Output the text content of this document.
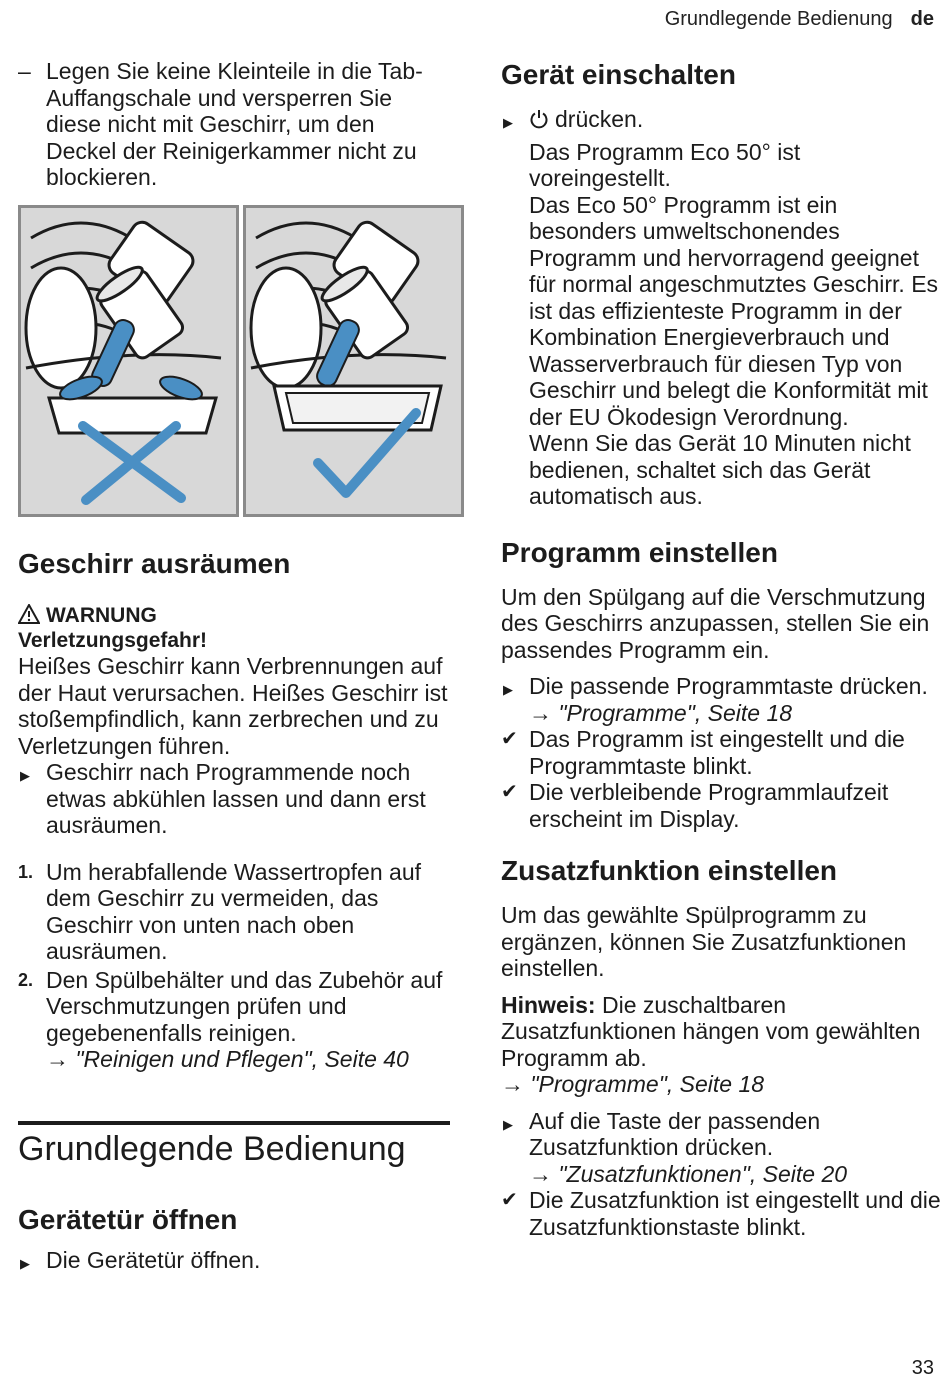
Grundlegende Bedienung de
– Legen Sie keine Kleinteile in die Tab-Auffangschale und versperren Sie diese nicht mit Geschirr, um den Deckel der Reinigerkammer nicht zu blockieren.

Geschirr ausräumen
WARNUNG

Verletzungsgefahr!

Heißes Geschirr kann Verbrennungen auf der Haut verursachen. Heißes Geschirr ist stoßempfindlich, kann zerbrechen und zu Verletzungen führen.

▶ Geschirr nach Programmende noch etwas abkühlen lassen und dann erst ausräumen.

1. Um herabfallende Wassertropfen auf dem Geschirr zu vermeiden, das Geschirr von unten nach oben ausräumen.

2. Den Spülbehälter und das Zubehör auf Verschmutzungen prüfen und gegebenenfalls reinigen.

→ "Reinigen und Pflegen", Seite 40

Grundlegende Bedienung
Gerätetür öffnen
▶ Die Gerätetür öffnen.

Gerät einschalten
▶	drücken.

Das Programm Eco 50° ist voreingestellt.

Das Eco 50° Programm ist ein besonders umweltschonendes Programm und hervorragend geeignet für normal angeschmutztes Geschirr. Es ist das effizienteste Programm in der Kombination Energieverbrauch und Wasserverbrauch für diesen Typ von Geschirr und belegt die Konformität mit der EU Ökodesign Verordnung.

Wenn Sie das Gerät 10 Minuten nicht bedienen, schaltet sich das Gerät automatisch aus.

Programm einstellen

Um den Spülgang auf die Verschmutzung des Geschirrs anzupassen, stellen Sie ein passendes Programm ein.

▶ Die passende Programmtaste drücken.

→ "Programme", Seite 18

✔ Das Programm ist eingestellt und die Programmtaste blinkt.

✔ Die verbleibende Programmlaufzeit erscheint im Display.

Zusatzfunktion einstellen

Um das gewählte Spülprogramm zu ergänzen, können Sie Zusatzfunktionen einstellen.

Hinweis: Die zuschaltbaren Zusatzfunktionen hängen vom gewählten Programm ab.

→ "Programme", Seite 18

▶ Auf die Taste der passenden Zusatzfunktion drücken.

→ "Zusatzfunktionen", Seite 20

✔ Die Zusatzfunktion ist eingestellt und die Zusatzfunktionstaste blinkt.

33
